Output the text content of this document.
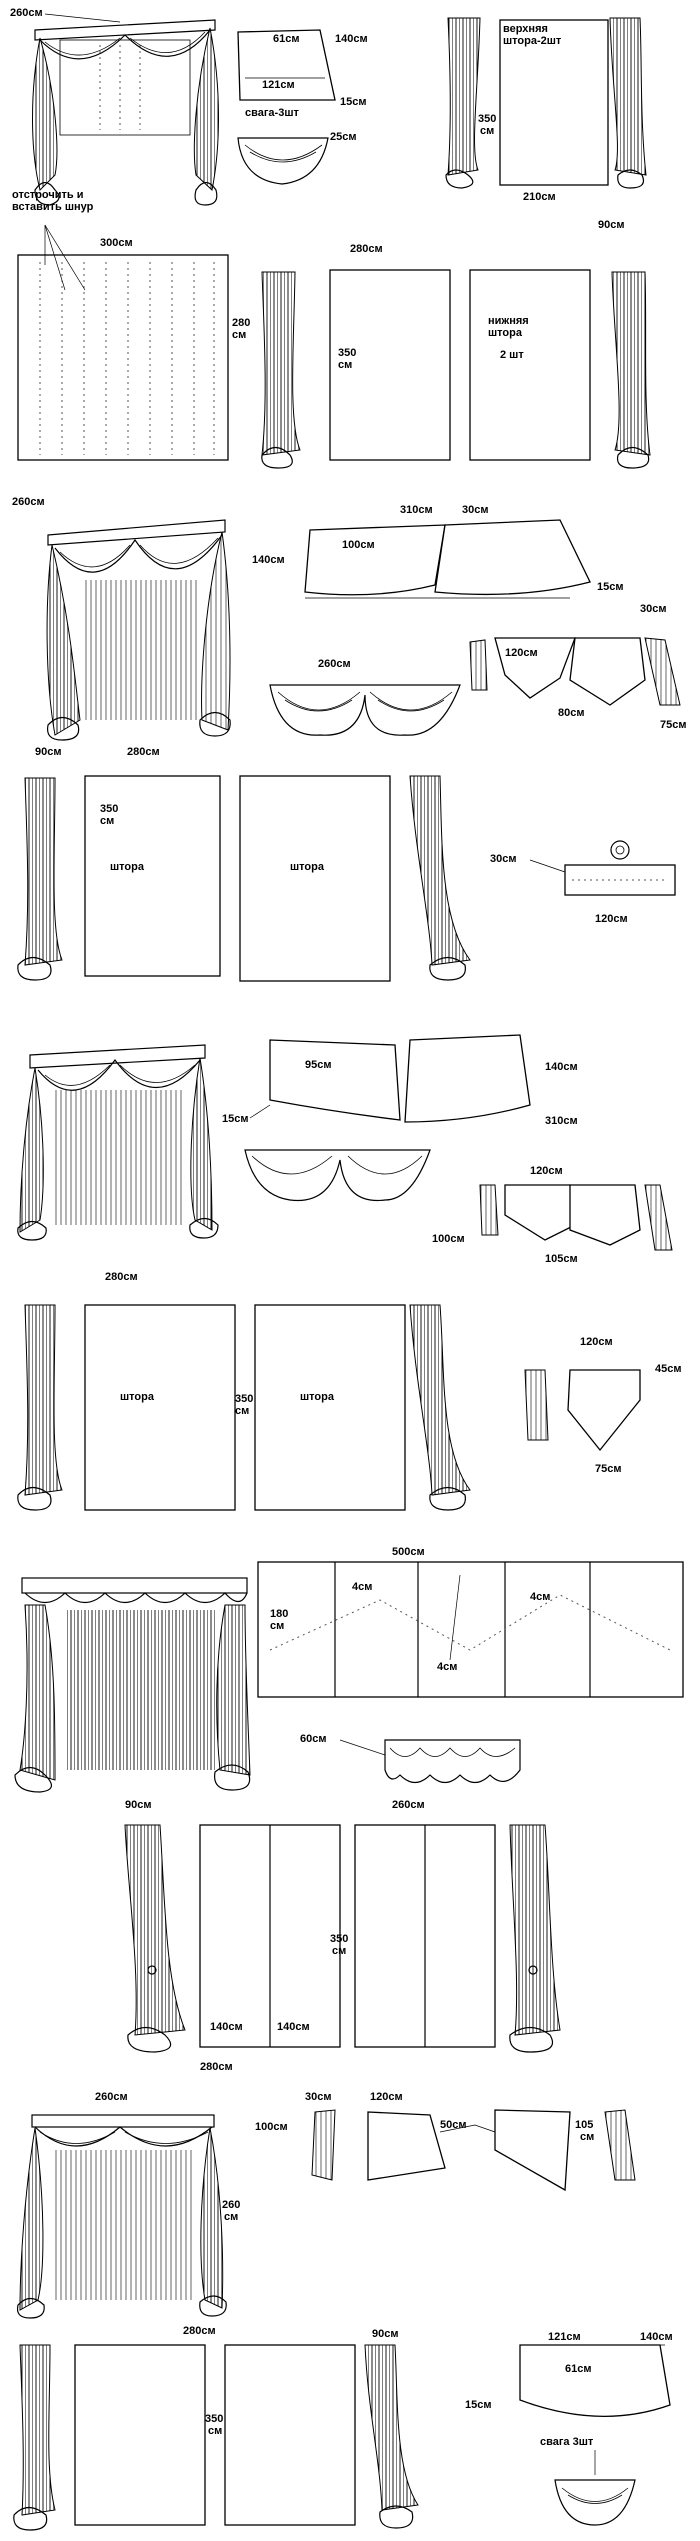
260см
отстрочить и
вставить шнур
61см
121см
140см
15см
свага-3шт
25см
верхняя
штора-2шт
350
см
210см
300см
280
см
280см
90см
350
см
нижняя
штора
2 шт
260см
90см	280см
140см
310см	30см
100см
15см
260см
120см
30см
80см
75см
350
см
штора	штора
30см
120см
280см
95см	140см
15см	310см
120см
100см
105см
штора	350
см
штора
120см
45см
75см
90см
500см
180
см
4см
4см
4см
60см
260см
350
см
140см	140см
280см
260см
260
см
30см	120см
100см	50см	105
см
280см	90см
350
см
121см	140см
61см
15см
свага 3шт
